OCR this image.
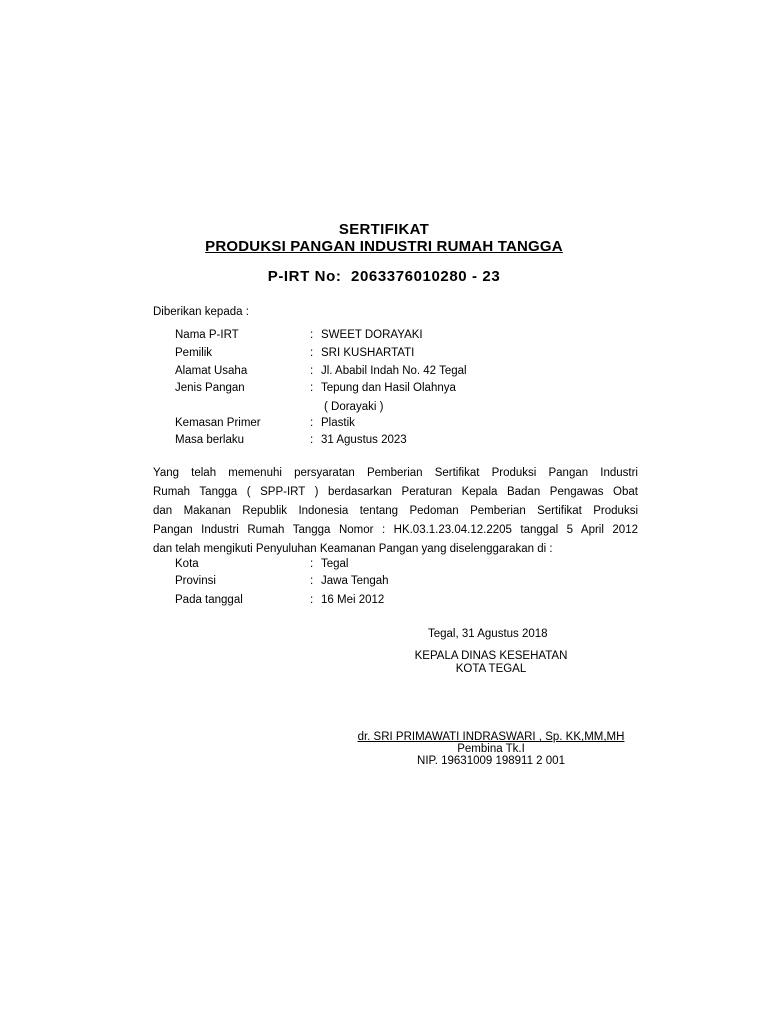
SERTIFIKAT
PRODUKSI PANGAN INDUSTRI RUMAH TANGGA
P-IRT No: 2063376010280 - 23
Diberikan kepada :
Nama P-IRT	: SWEET DORAYAKI
Pemilik	: SRI KUSHARTATI
Alamat Usaha	: Jl. Ababil Indah No. 42 Tegal
Jenis Pangan	: Tepung dan Hasil Olahnya
( Dorayaki )
Kemasan Primer	: Plastik
Masa berlaku	: 31 Agustus 2023
Yang telah memenuhi persyaratan Pemberian Sertifikat Produksi Pangan Industri
Rumah Tangga ( SPP-IRT ) berdasarkan Peraturan Kepala Badan Pengawas Obat
dan Makanan Republik Indonesia tentang Pedoman Pemberian Sertifikat Produksi
Pangan Industri Rumah Tangga Nomor : HK.03.1.23.04.12.2205 tanggal 5 April 2012
dan telah mengikuti Penyuluhan Keamanan Pangan yang diselenggarakan di :
Kota	: Tegal
Provinsi	: Jawa Tengah
Pada tanggal	: 16 Mei 2012
Tegal, 31 Agustus 2018
KEPALA DINAS KESEHATAN
KOTA TEGAL
dr. SRI PRIMAWATI INDRASWARI , Sp. KK,MM,MH
Pembina Tk.I
NIP. 19631009 198911 2 001
